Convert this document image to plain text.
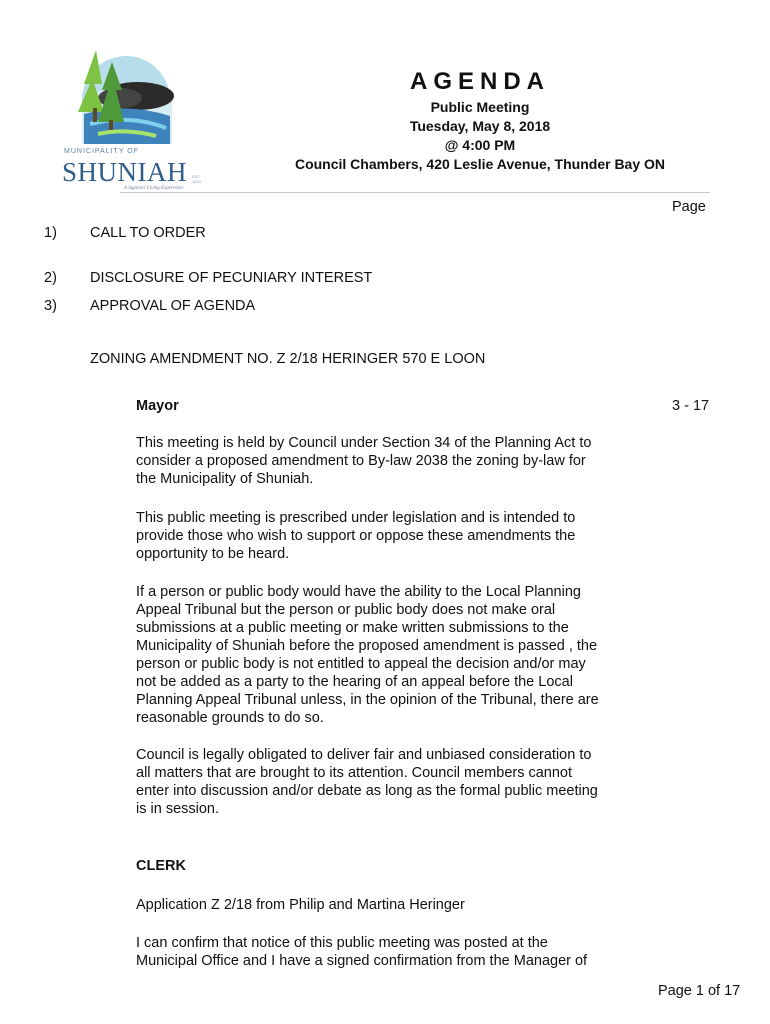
MUNICIPALITY OF
SHUNIAH EST. 1873
A Superior Living Experience
AGENDA
Public Meeting
Tuesday, May 8, 2018
@ 4:00 PM
Council Chambers, 420 Leslie Avenue, Thunder Bay ON
Page
1) CALL TO ORDER
2) DISCLOSURE OF PECUNIARY INTEREST
3) APPROVAL OF AGENDA
ZONING AMENDMENT NO. Z 2/18 HERINGER 570 E LOON
Mayor	3 - 17
This meeting is held by Council under Section 34 of the Planning Act to
consider a proposed amendment to By-law 2038 the zoning by-law for
the Municipality of Shuniah.
This public meeting is prescribed under legislation and is intended to
provide those who wish to support or oppose these amendments the
opportunity to be heard.
If a person or public body would have the ability to the Local Planning
Appeal Tribunal but the person or public body does not make oral
submissions at a public meeting or make written submissions to the
Municipality of Shuniah before the proposed amendment is passed , the
person or public body is not entitled to appeal the decision and/or may
not be added as a party to the hearing of an appeal before the Local
Planning Appeal Tribunal unless, in the opinion of the Tribunal, there are
reasonable grounds to do so.
Council is legally obligated to deliver fair and unbiased consideration to
all matters that are brought to its attention. Council members cannot
enter into discussion and/or debate as long as the formal public meeting
is in session.
CLERK
Application Z 2/18 from Philip and Martina Heringer
I can confirm that notice of this public meeting was posted at the
Municipal Office and I have a signed confirmation from the Manager of
Page 1 of 17
